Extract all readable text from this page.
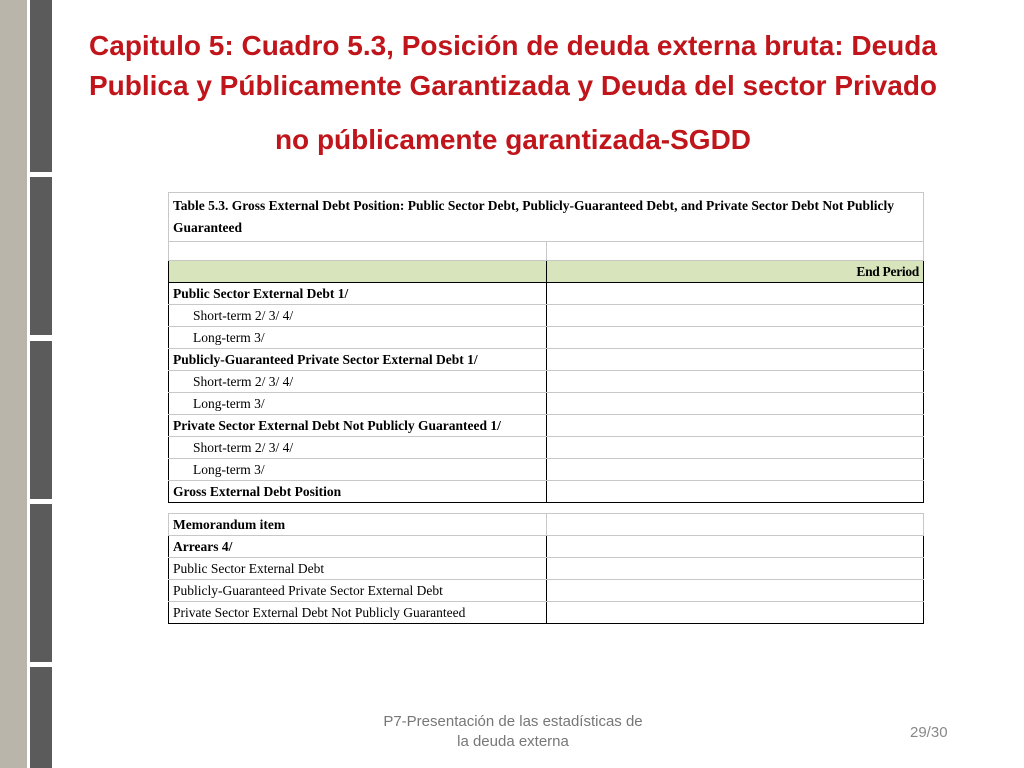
Capitulo 5: Cuadro 5.3, Posición de deuda externa bruta: Deuda
Publica y Públicamente Garantizada y Deuda del sector Privado
no públicamente garantizada-SGDD
Table 5.3. Gross External Debt Position: Public Sector Debt, Publicly-Guaranteed Debt, and Private Sector Debt Not Publicly Guaranteed	

	End Period
Public Sector External Debt 1/	
Short-term 2/ 3/ 4/	
Long-term 3/	
Publicly-Guaranteed Private Sector External Debt 1/	
Short-term 2/ 3/ 4/	
Long-term 3/	
Private Sector External Debt Not Publicly Guaranteed 1/	
Short-term 2/ 3/ 4/	
Long-term 3/	
Gross External Debt Position	

Memorandum item	
Arrears 4/	
Public Sector External Debt	
Publicly-Guaranteed Private Sector External Debt	
Private Sector External Debt Not Publicly Guaranteed	
P7-Presentación de las estadísticas de
la deuda externa
29/30
